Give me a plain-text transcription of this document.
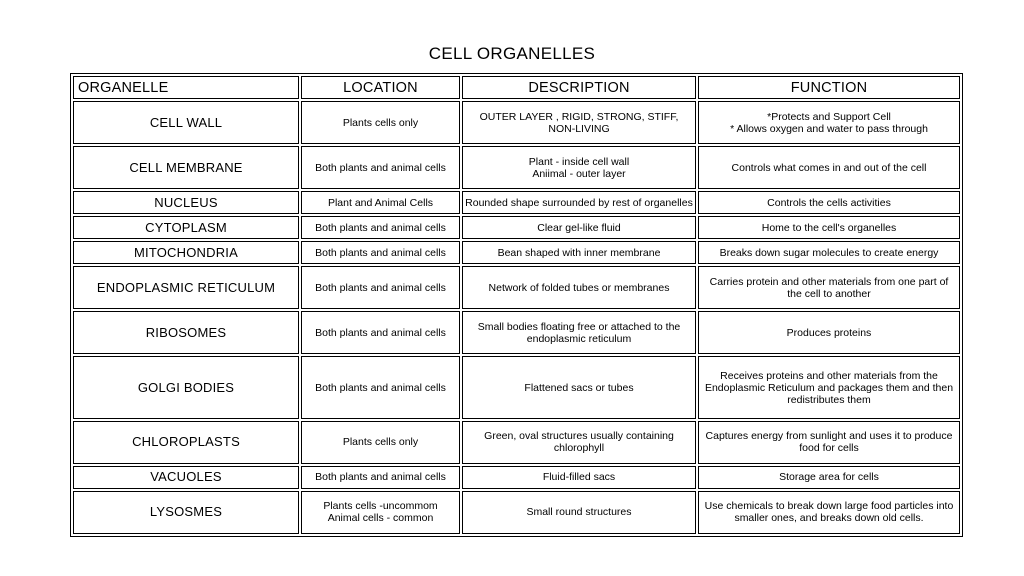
CELL ORGANELLES
ORGANELLE	LOCATION	DESCRIPTION	FUNCTION
CELL WALL	Plants cells only	OUTER LAYER , RIGID, STRONG, STIFF, NON-LIVING	*Protects and Support Cell
* Allows oxygen and water to pass through
CELL MEMBRANE	Both plants and animal cells	Plant - inside cell wall
Aniimal - outer layer	Controls what comes in and out of the cell
NUCLEUS	Plant and Animal Cells	Rounded shape surrounded by rest of organelles	Controls the cells activities
CYTOPLASM	Both plants and animal cells	Clear gel-like fluid	Home to the cell's organelles
MITOCHONDRIA	Both plants and animal cells	Bean shaped with inner membrane	Breaks down sugar molecules to create energy
ENDOPLASMIC RETICULUM	Both plants and animal cells	Network of folded tubes or membranes	Carries protein and other materials from one part of the cell to another
RIBOSOMES	Both plants and animal cells	Small bodies floating free or attached to the endoplasmic reticulum	Produces proteins
GOLGI BODIES	Both plants and animal cells	Flattened sacs or tubes	Receives proteins and other materials from the Endoplasmic Reticulum and packages them and then redistributes them
CHLOROPLASTS	Plants cells only	Green, oval structures usually containing chlorophyll	Captures energy from sunlight and uses it to produce food for cells
VACUOLES	Both plants and animal cells	Fluid-filled sacs	Storage area for cells
LYSOSMES	Plants cells -uncommom
Animal cells - common	Small round structures	Use chemicals to break down large food particles into smaller ones, and breaks down old cells.
